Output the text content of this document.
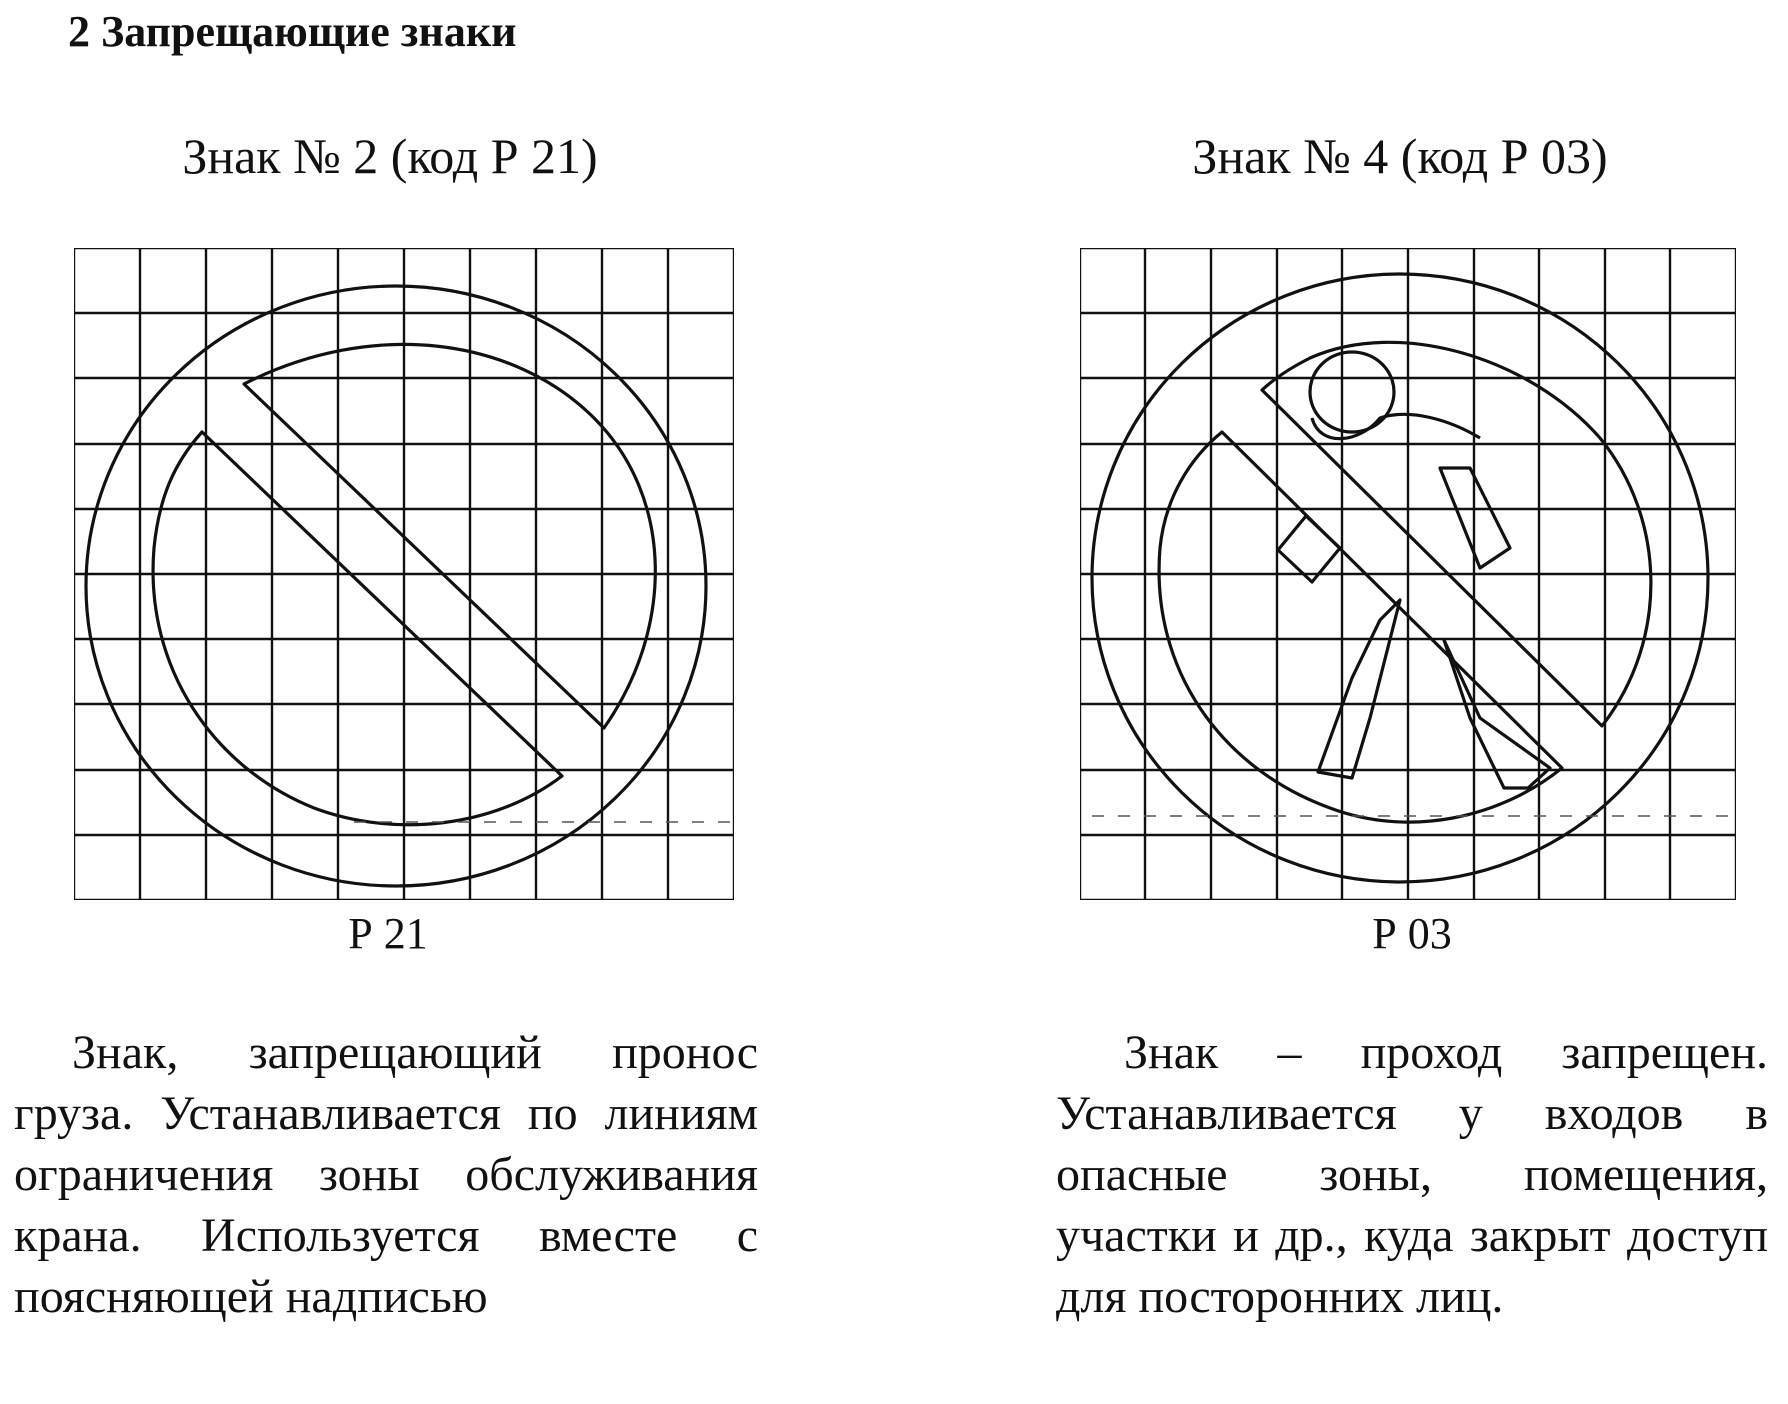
2 Запрещающие знаки
Знак № 2 (код Р 21)	Знак № 4 (код Р 03)
Р 21	Р 03
Знак, запрещающий пронос груза. Устанавливается по линиям ограничения зоны обслуживания крана. Используется вместе с поясняющей надписью
Знак – проход запрещен. Устанавливается у входов в опасные зоны, помещения, участки и др., куда закрыт доступ для посторонних лиц.
